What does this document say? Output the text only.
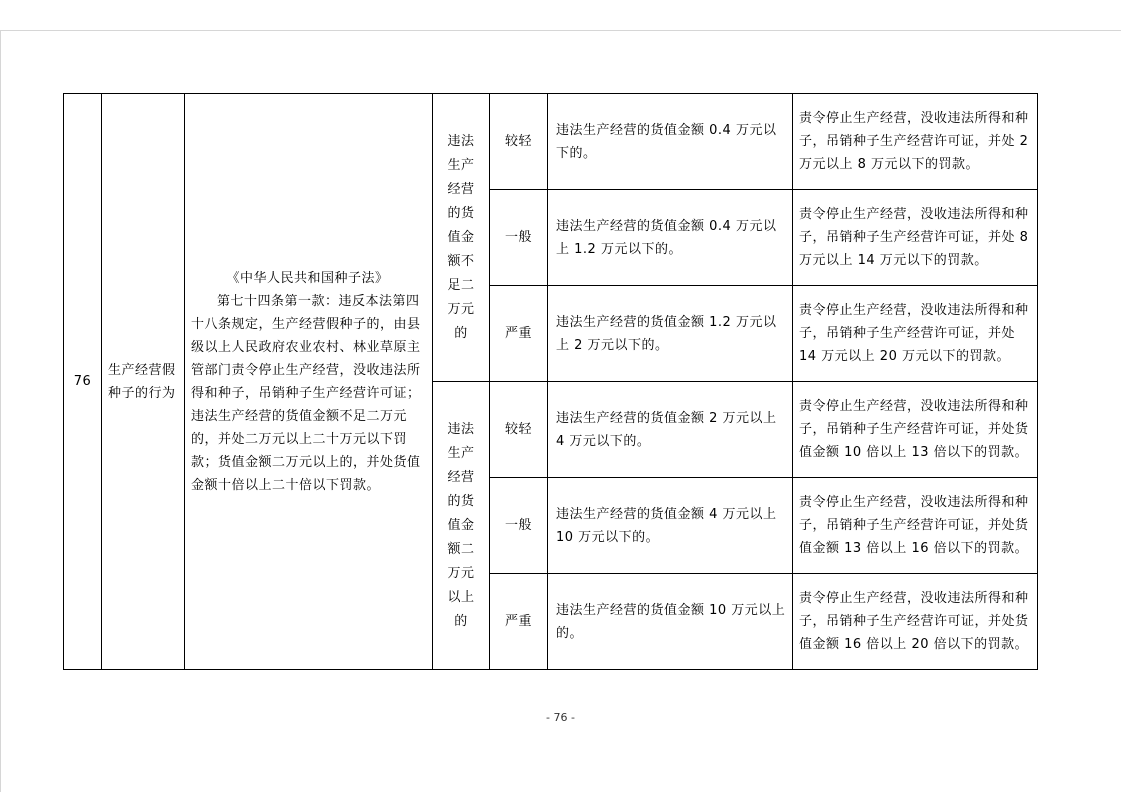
76	生产经营假种子的行为	《中华人民共和国种子法》
第七十四条第一款：违反本法第四十八条规定，生产经营假种子的，由县级以上人民政府农业农村、林业草原主管部门责令停止生产经营，没收违法所得和种子，吊销种子生产经营许可证；违法生产经营的货值金额不足二万元的，并处二万元以上二十万元以下罚款；货值金额二万元以上的，并处货值金额十倍以上二十倍以下罚款。	违法生产经营的货值金额不足二万元的	较轻	违法生产经营的货值金额 0.4 万元以下的。	责令停止生产经营，没收违法所得和种子，吊销种子生产经营许可证，并处 2 万元以上 8 万元以下的罚款。
				一般	违法生产经营的货值金额 0.4 万元以上 1.2 万元以下的。	责令停止生产经营，没收违法所得和种子，吊销种子生产经营许可证，并处 8 万元以上 14 万元以下的罚款。
				严重	违法生产经营的货值金额 1.2 万元以上 2 万元以下的。	责令停止生产经营，没收违法所得和种子，吊销种子生产经营许可证，并处 14 万元以上 20 万元以下的罚款。
			违法生产经营的货值金额二万元以上的	较轻	违法生产经营的货值金额 2 万元以上 4 万元以下的。	责令停止生产经营，没收违法所得和种子，吊销种子生产经营许可证，并处货值金额 10 倍以上 13 倍以下的罚款。
				一般	违法生产经营的货值金额 4 万元以上 10 万元以下的。	责令停止生产经营，没收违法所得和种子，吊销种子生产经营许可证，并处货值金额 13 倍以上 16 倍以下的罚款。
				严重	违法生产经营的货值金额 10 万元以上的。	责令停止生产经营，没收违法所得和种子，吊销种子生产经营许可证，并处货值金额 16 倍以上 20 倍以下的罚款。
- 76 -
